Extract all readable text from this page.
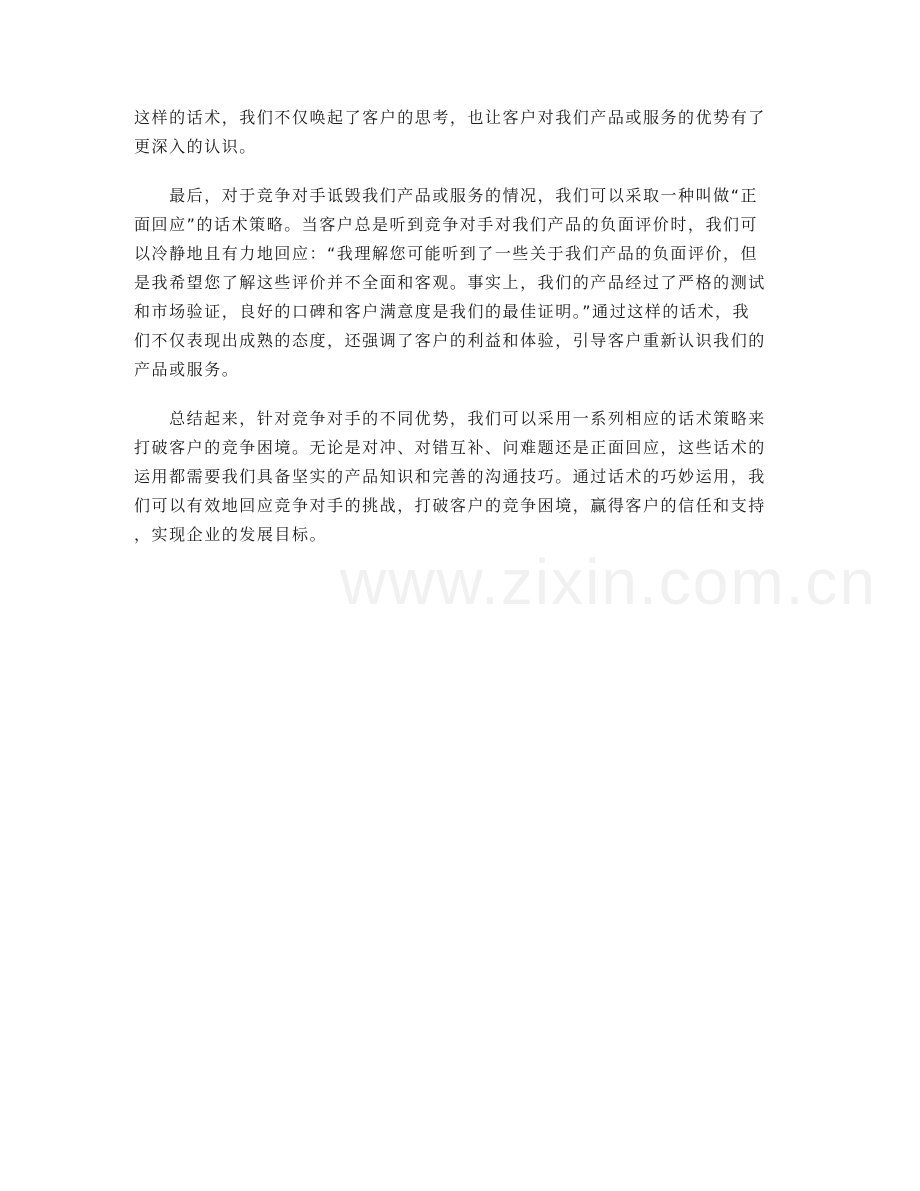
这样的话术，我们不仅唤起了客户的思考，也让客户对我们产品或服务的优势有了
更深入的认识。

　　最后，对于竞争对手诋毁我们产品或服务的情况，我们可以采取一种叫做“正
面回应”的话术策略。当客户总是听到竞争对手对我们产品的负面评价时，我们可
以冷静地且有力地回应：“我理解您可能听到了一些关于我们产品的负面评价，但
是我希望您了解这些评价并不全面和客观。事实上，我们的产品经过了严格的测试
和市场验证，良好的口碑和客户满意度是我们的最佳证明。”通过这样的话术，我
们不仅表现出成熟的态度，还强调了客户的利益和体验，引导客户重新认识我们的
产品或服务。

　　总结起来，针对竞争对手的不同优势，我们可以采用一系列相应的话术策略来
打破客户的竞争困境。无论是对冲、对错互补、问难题还是正面回应，这些话术的
运用都需要我们具备坚实的产品知识和完善的沟通技巧。通过话术的巧妙运用，我
们可以有效地回应竞争对手的挑战，打破客户的竞争困境，赢得客户的信任和支持
，实现企业的发展目标。

www.zixin.com.cn
